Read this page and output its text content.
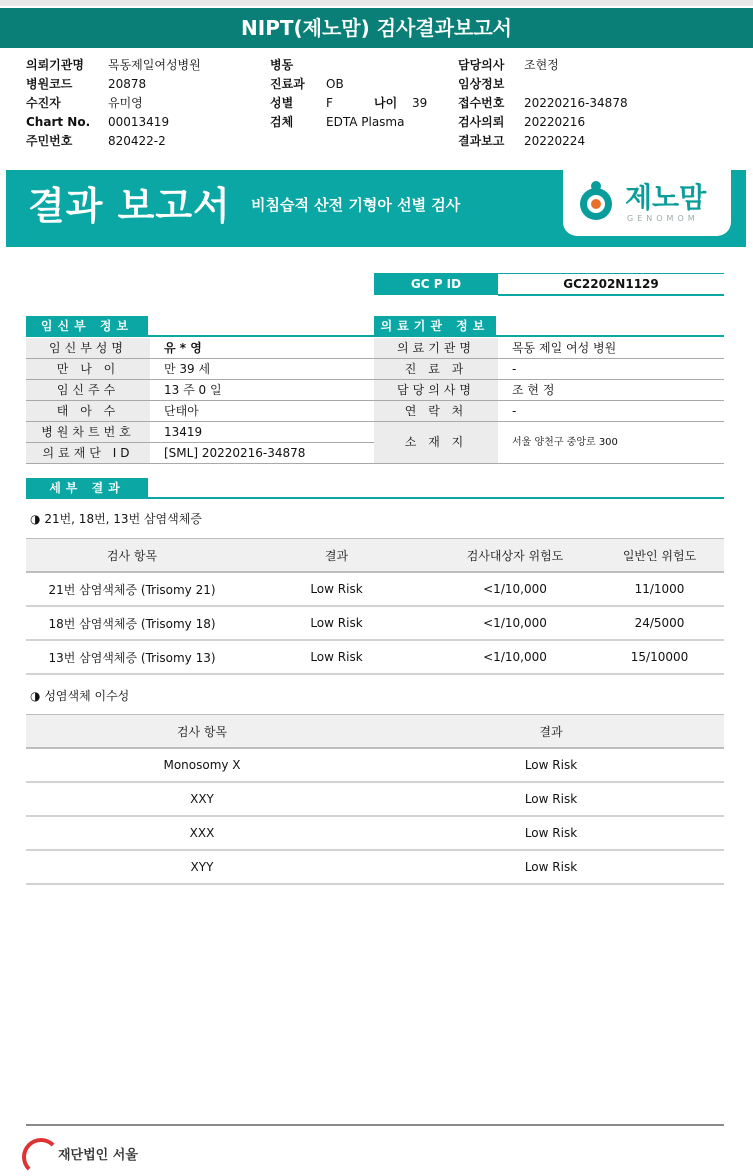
NIPT(제노맘) 검사결과보고서
의뢰기관명 목동제일여성병원
병원코드	20878
수진자	유미영
Chart No. 00013419
주민번호	820422-2
병동
진료과 OB
성별	F	나이 39
검체	EDTA Plasma
담당의사 조현정
임상정보
접수번호 20220216-34878
검사의뢰 20220216
결과보고 20220224
결과 보고서 비침습적 산전 기형아 선별 검사	제노맘
GENOMOM
GC P ID	GC2202N1129
임신부 정보
임신부성명	유 * 영
만 나 이	만 39 세
임신주수	13 주 0 일
태 아 수	단태아
병원차트번호	13419
의료재단 ID	[SML] 20220216-34878
의료기관 정보
의료기관명	목동 제일 여성 병원
진 료 과	-
담당의사명	조 현 정
연 락 처	-
소 재 지	서울 양천구 중앙로 300
세부 결과
◑ 21번, 18번, 13번 삼염색체증
검사 항목	결과	검사대상자 위험도	일반인 위험도
21번 삼염색체증 (Trisomy 21)	Low Risk	<1/10,000	11/1000
18번 삼염색체증 (Trisomy 18)	Low Risk	<1/10,000	24/5000
13번 삼염색체증 (Trisomy 13)	Low Risk	<1/10,000	15/10000
◑ 성염색체 이수성
검사 항목	결과
Monosomy X	Low Risk
XXY	Low Risk
XXX	Low Risk
XYY	Low Risk
재단법인 서울
